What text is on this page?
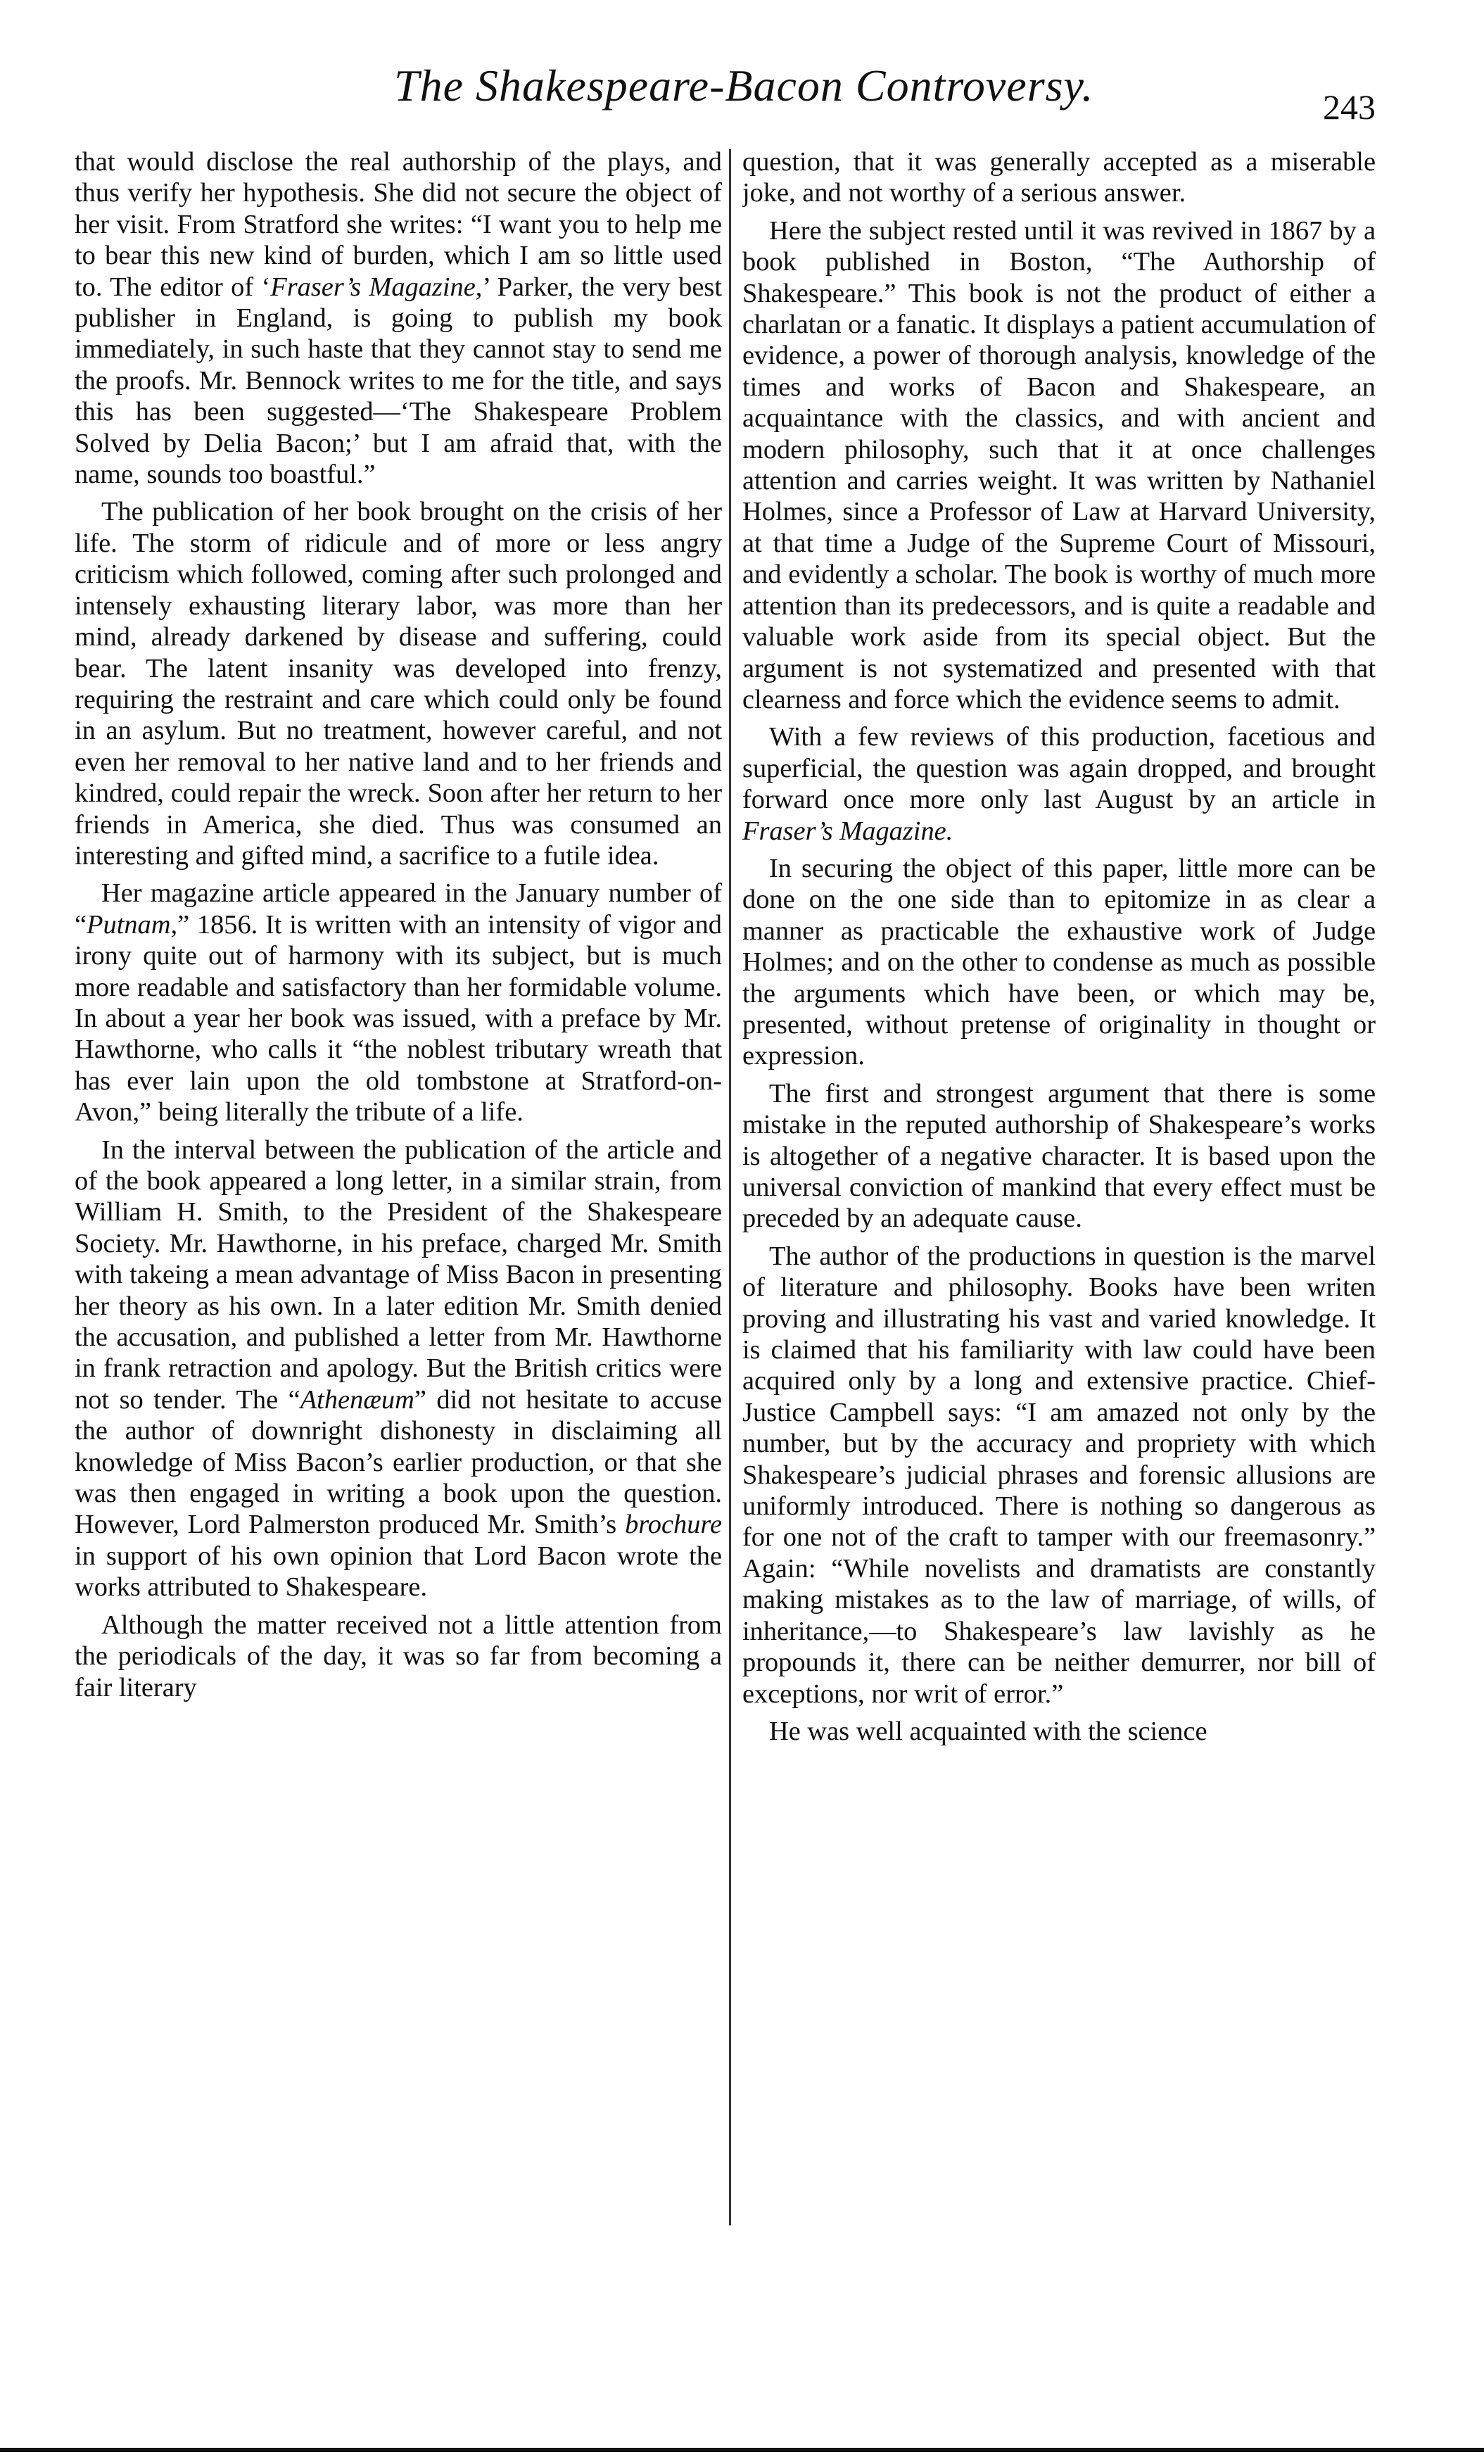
The Shakespeare-Bacon Controversy.	243

that would disclose the real authorship of the plays, and thus verify her hypothesis. She did not secure the object of her visit. From Stratford she writes: “I want you to help me to bear this new kind of burden, which I am so little used to. The editor of ‘Fraser’s Magazine,’ Parker, the very best publisher in England, is going to publish my book immediately, in such haste that they cannot stay to send me the proofs. Mr. Bennock writes to me for the title, and says this has been suggested—‘The Shakespeare Problem Solved by Delia Bacon;’ but I am afraid that, with the name, sounds too boastful.”

The publication of her book brought on the crisis of her life. The storm of ridicule and of more or less angry criticism which followed, coming after such prolonged and intensely exhausting literary labor, was more than her mind, already darkened by disease and suffering, could bear. The latent insanity was developed into frenzy, requiring the restraint and care which could only be found in an asylum. But no treatment, however careful, and not even her removal to her native land and to her friends and kindred, could repair the wreck. Soon after her return to her friends in America, she died. Thus was consumed an interesting and gifted mind, a sacrifice to a futile idea.

Her magazine article appeared in the January number of “Putnam,” 1856. It is written with an intensity of vigor and irony quite out of harmony with its subject, but is much more readable and satisfactory than her formidable volume. In about a year her book was issued, with a preface by Mr. Hawthorne, who calls it “the noblest tributary wreath that has ever lain upon the old tombstone at Stratford-on-Avon,” being literally the tribute of a life.

In the interval between the publication of the article and of the book appeared a long letter, in a similar strain, from William H. Smith, to the President of the Shakespeare Society. Mr. Hawthorne, in his preface, charged Mr. Smith with takeing a mean advantage of Miss Bacon in presenting her theory as his own. In a later edition Mr. Smith denied the accusation, and published a letter from Mr. Hawthorne in frank retraction and apology. But the British critics were not so tender. The “Athenæum” did not hesitate to accuse the author of downright dishonesty in disclaiming all knowledge of Miss Bacon’s earlier production, or that she was then engaged in writing a book upon the question. However, Lord Palmerston produced Mr. Smith’s brochure in support of his own opinion that Lord Bacon wrote the works attributed to Shakespeare.

Although the matter received not a little attention from the periodicals of the day, it was so far from becoming a fair literary

question, that it was generally accepted as a miserable joke, and not worthy of a serious answer.

Here the subject rested until it was revived in 1867 by a book published in Boston, “The Authorship of Shakespeare.” This book is not the product of either a charlatan or a fanatic. It displays a patient accumulation of evidence, a power of thorough analysis, knowledge of the times and works of Bacon and Shakespeare, an acquaintance with the classics, and with ancient and modern philosophy, such that it at once challenges attention and carries weight. It was written by Nathaniel Holmes, since a Professor of Law at Harvard University, at that time a Judge of the Supreme Court of Missouri, and evidently a scholar. The book is worthy of much more attention than its predecessors, and is quite a readable and valuable work aside from its special object. But the argument is not systematized and presented with that clearness and force which the evidence seems to admit.

With a few reviews of this production, facetious and superficial, the question was again dropped, and brought forward once more only last August by an article in Fraser’s Magazine.

In securing the object of this paper, little more can be done on the one side than to epitomize in as clear a manner as practicable the exhaustive work of Judge Holmes; and on the other to condense as much as possible the arguments which have been, or which may be, presented, without pretense of originality in thought or expression.

The first and strongest argument that there is some mistake in the reputed authorship of Shakespeare’s works is altogether of a negative character. It is based upon the universal conviction of mankind that every effect must be preceded by an adequate cause.

The author of the productions in question is the marvel of literature and philosophy. Books have been writen proving and illustrating his vast and varied knowledge. It is claimed that his familiarity with law could have been acquired only by a long and extensive practice. Chief-Justice Campbell says: “I am amazed not only by the number, but by the accuracy and propriety with which Shakespeare’s judicial phrases and forensic allusions are uniformly introduced. There is nothing so dangerous as for one not of the craft to tamper with our freemasonry.” Again: “While novelists and dramatists are constantly making mistakes as to the law of marriage, of wills, of inheritance,—to Shakespeare’s law lavishly as he propounds it, there can be neither demurrer, nor bill of exceptions, nor writ of error.”

He was well acquainted with the science
